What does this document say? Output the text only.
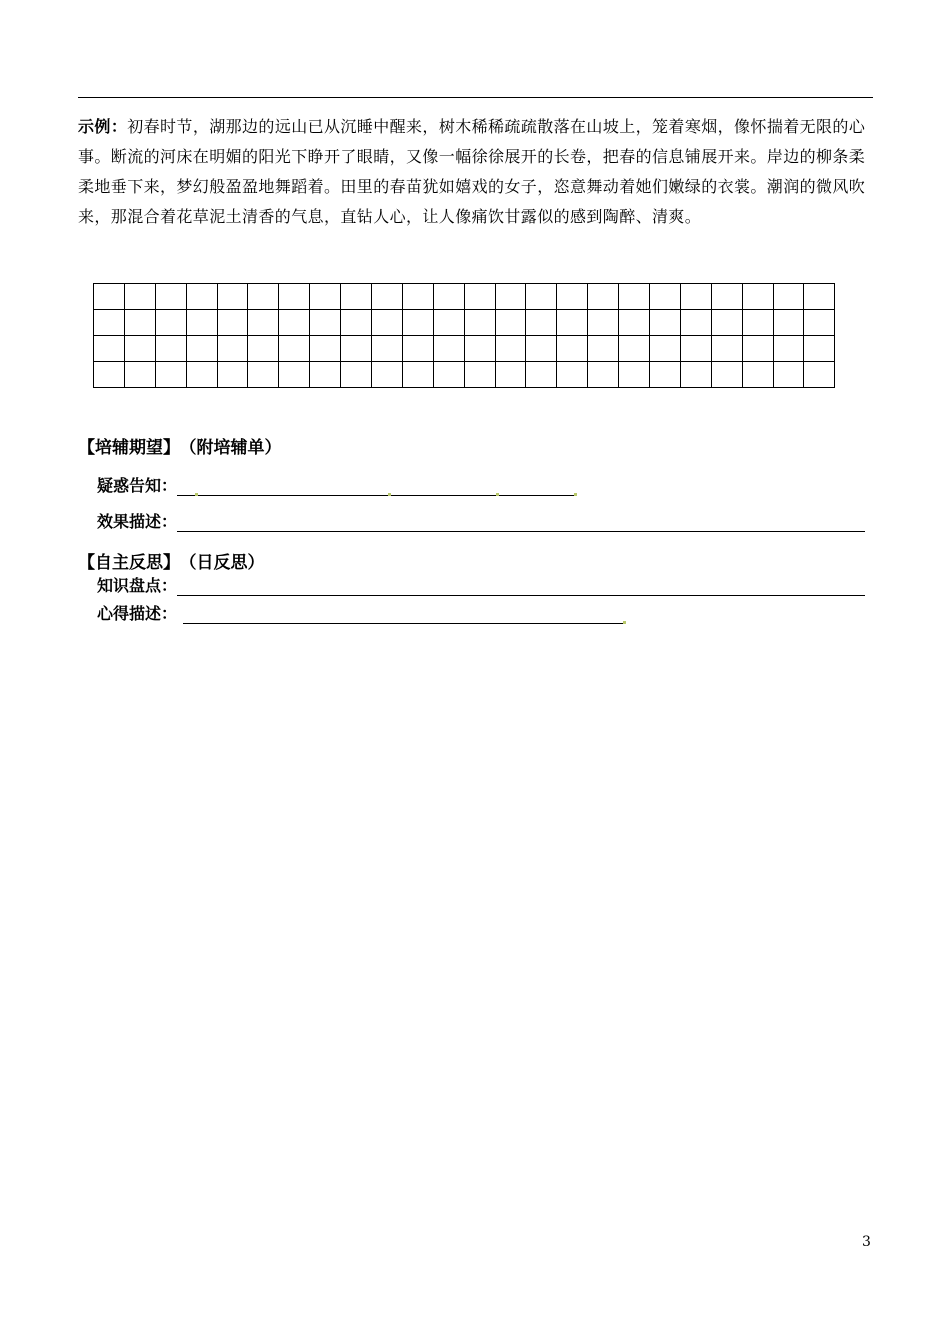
示例：初春时节，湖那边的远山已从沉睡中醒来，树木稀稀疏疏散落在山坡上，笼着寒烟，像怀揣着无限的心事。断流的河床在明媚的阳光下睁开了眼睛，又像一幅徐徐展开的长卷，把春的信息铺展开来。岸边的柳条柔柔地垂下来，梦幻般盈盈地舞蹈着。田里的春苗犹如嬉戏的女子，恣意舞动着她们嫩绿的衣裳。潮润的微风吹来，那混合着花草泥土清香的气息，直钻人心，让人像痛饮甘露似的感到陶醉、清爽。

【培辅期望】 （附培辅单）
疑惑告知：
效果描述：
【自主反思】 （日反思）
知识盘点：
心得描述：
3
